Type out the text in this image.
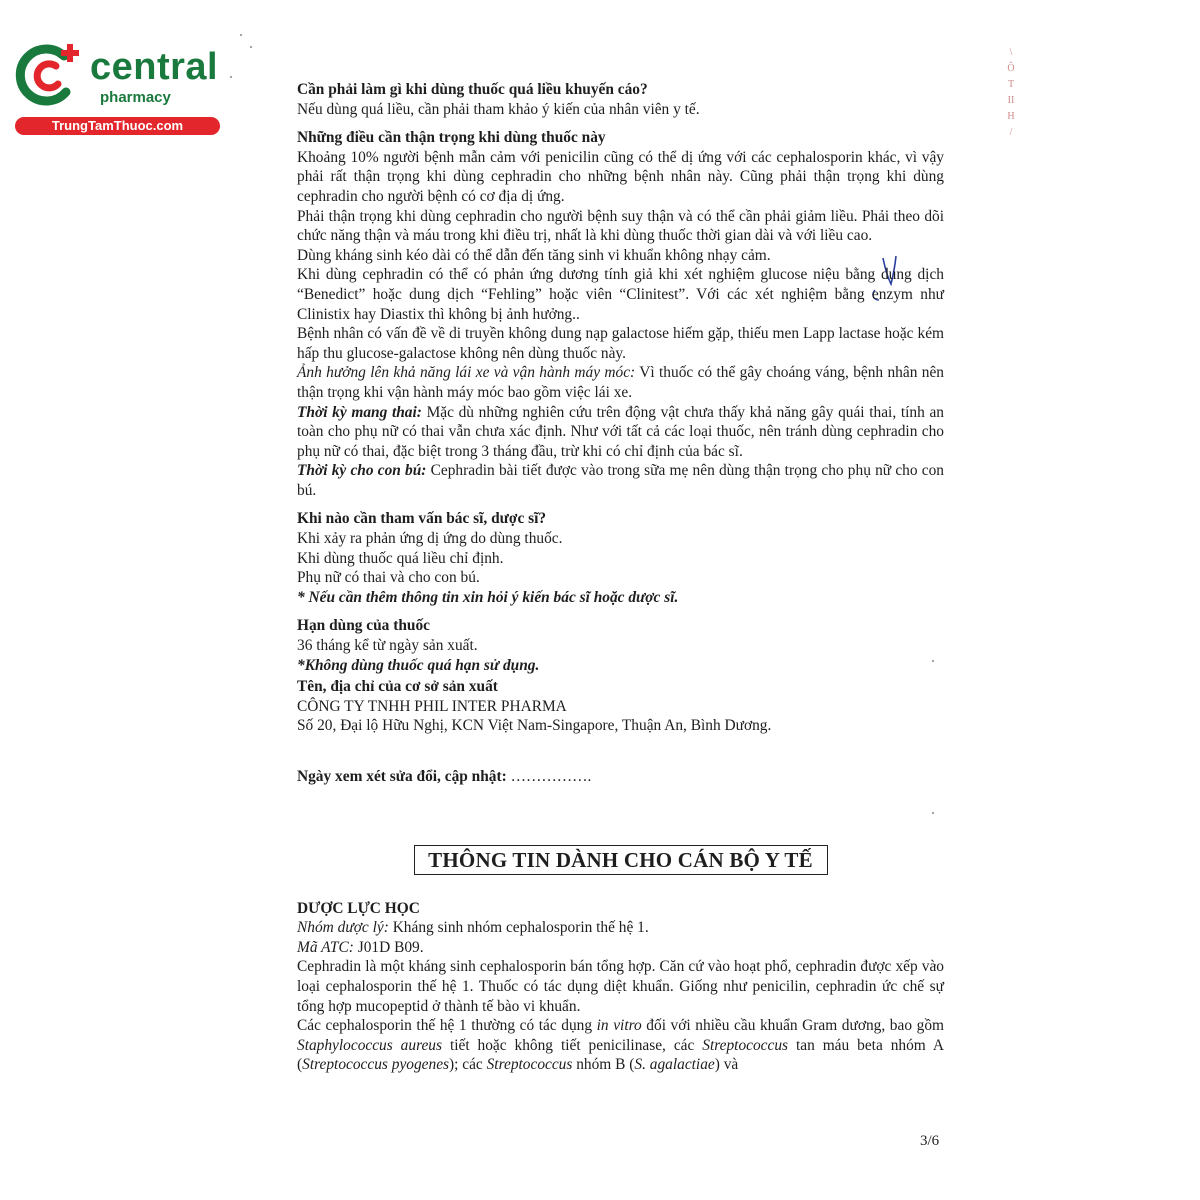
central
pharmacy
TrungTamThuoc.com
\
Ô
T
II
H
/

Cần phải làm gì khi dùng thuốc quá liều khuyến cáo?

Nếu dùng quá liều, cần phải tham khảo ý kiến của nhân viên y tế.

Những điều cần thận trọng khi dùng thuốc này

Khoảng 10% người bệnh mẫn cảm với penicilin cũng có thể dị ứng với các cephalosporin khác, vì vậy phải rất thận trọng khi dùng cephradin cho những bệnh nhân này. Cũng phải thận trọng khi dùng cephradin cho người bệnh có cơ địa dị ứng.

Phải thận trọng khi dùng cephradin cho người bệnh suy thận và có thể cần phải giảm liều. Phải theo dõi chức năng thận và máu trong khi điều trị, nhất là khi dùng thuốc thời gian dài và với liều cao.

Dùng kháng sinh kéo dài có thể dẫn đến tăng sinh vi khuẩn không nhạy cảm.

Khi dùng cephradin có thể có phản ứng dương tính giả khi xét nghiệm glucose niệu bằng dung dịch “Benedict” hoặc dung dịch “Fehling” hoặc viên “Clinitest”. Với các xét nghiệm bằng enzym như Clinistix hay Diastix thì không bị ảnh hưởng..

Bệnh nhân có vấn đề về di truyền không dung nạp galactose hiếm gặp, thiếu men Lapp lactase hoặc kém hấp thu glucose-galactose không nên dùng thuốc này.

Ảnh hưởng lên khả năng lái xe và vận hành máy móc: Vì thuốc có thể gây choáng váng, bệnh nhân nên thận trọng khi vận hành máy móc bao gồm việc lái xe.

Thời kỳ mang thai: Mặc dù những nghiên cứu trên động vật chưa thấy khả năng gây quái thai, tính an toàn cho phụ nữ có thai vẫn chưa xác định. Như với tất cả các loại thuốc, nên tránh dùng cephradin cho phụ nữ có thai, đặc biệt trong 3 tháng đầu, trừ khi có chỉ định của bác sĩ.

Thời kỳ cho con bú: Cephradin bài tiết được vào trong sữa mẹ nên dùng thận trọng cho phụ nữ cho con bú.

Khi nào cần tham vấn bác sĩ, dược sĩ?

Khi xảy ra phản ứng dị ứng do dùng thuốc.

Khi dùng thuốc quá liều chỉ định.

Phụ nữ có thai và cho con bú.

* Nếu cần thêm thông tin xin hỏi ý kiến bác sĩ hoặc dược sĩ.

Hạn dùng của thuốc

36 tháng kể từ ngày sản xuất.

*Không dùng thuốc quá hạn sử dụng.

Tên, địa chỉ của cơ sở sản xuất

CÔNG TY TNHH PHIL INTER PHARMA

Số 20, Đại lộ Hữu Nghị, KCN Việt Nam-Singapore, Thuận An, Bình Dương.

Ngày xem xét sửa đổi, cập nhật: …………….

THÔNG TIN DÀNH CHO CÁN BỘ Y TẾ

DƯỢC LỰC HỌC

Nhóm dược lý: Kháng sinh nhóm cephalosporin thế hệ 1.

Mã ATC: J01D B09.

Cephradin là một kháng sinh cephalosporin bán tổng hợp. Căn cứ vào hoạt phổ, cephradin được xếp vào loại cephalosporin thế hệ 1. Thuốc có tác dụng diệt khuẩn. Giống như penicilin, cephradin ức chế sự tổng hợp mucopeptid ở thành tế bào vi khuẩn.

Các cephalosporin thế hệ 1 thường có tác dụng in vitro đối với nhiều cầu khuẩn Gram dương, bao gồm Staphylococcus aureus tiết hoặc không tiết penicilinase, các Streptococcus tan máu beta nhóm A (Streptococcus pyogenes); các Streptococcus nhóm B (S. agalactiae) và

3/6
